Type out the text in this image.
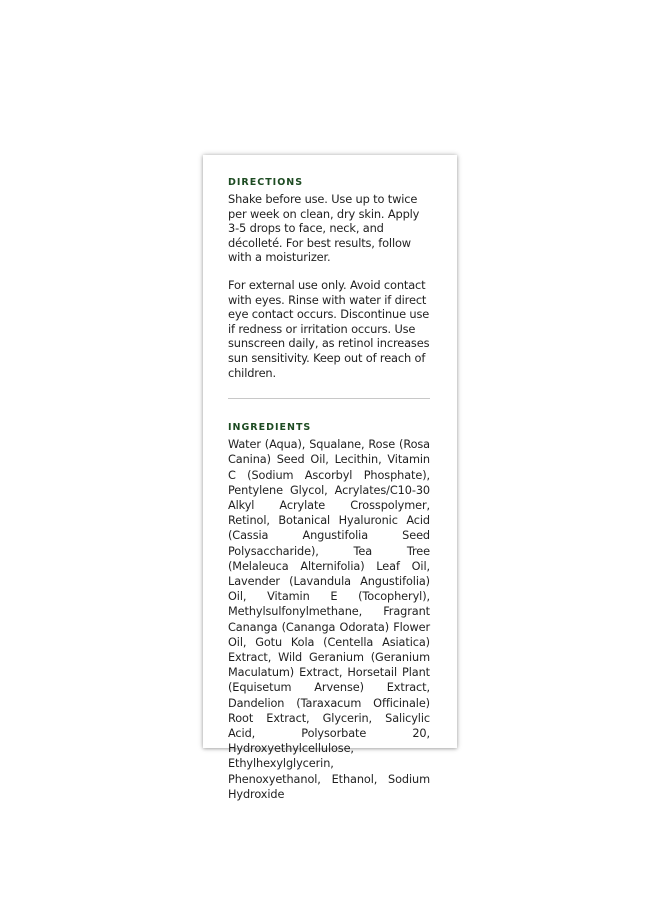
DIRECTIONS

Shake before use. Use up to twice per week on clean, dry skin. Apply 3-5 drops to face, neck, and décolleté. For best results, follow with a moisturizer.

For external use only. Avoid contact with eyes. Rinse with water if direct eye contact occurs. Discontinue use if redness or irritation occurs. Use sunscreen daily, as retinol increases sun sensitivity. Keep out of reach of children.

INGREDIENTS

Water (Aqua), Squalane, Rose (Rosa Canina) Seed Oil, Lecithin, Vitamin C (Sodium Ascorbyl Phosphate), Pentylene Glycol, Acrylates/C10-30 Alkyl Acrylate Crosspolymer, Retinol, Botanical Hyaluronic Acid (Cassia Angustifolia Seed Polysaccharide), Tea Tree (Melaleuca Alternifolia) Leaf Oil, Lavender (Lavandula Angustifolia) Oil, Vitamin E (Tocopheryl), Methylsulfonylmethane, Fragrant Cananga (Cananga Odorata) Flower Oil, Gotu Kola (Centella Asiatica) Extract, Wild Geranium (Geranium Maculatum) Extract, Horsetail Plant (Equisetum Arvense) Extract, Dandelion (Taraxacum Officinale) Root Extract, Glycerin, Salicylic Acid, Polysorbate 20, Hydroxyethylcellulose, Ethylhexylglycerin, Phenoxyethanol, Ethanol, Sodium Hydroxide
